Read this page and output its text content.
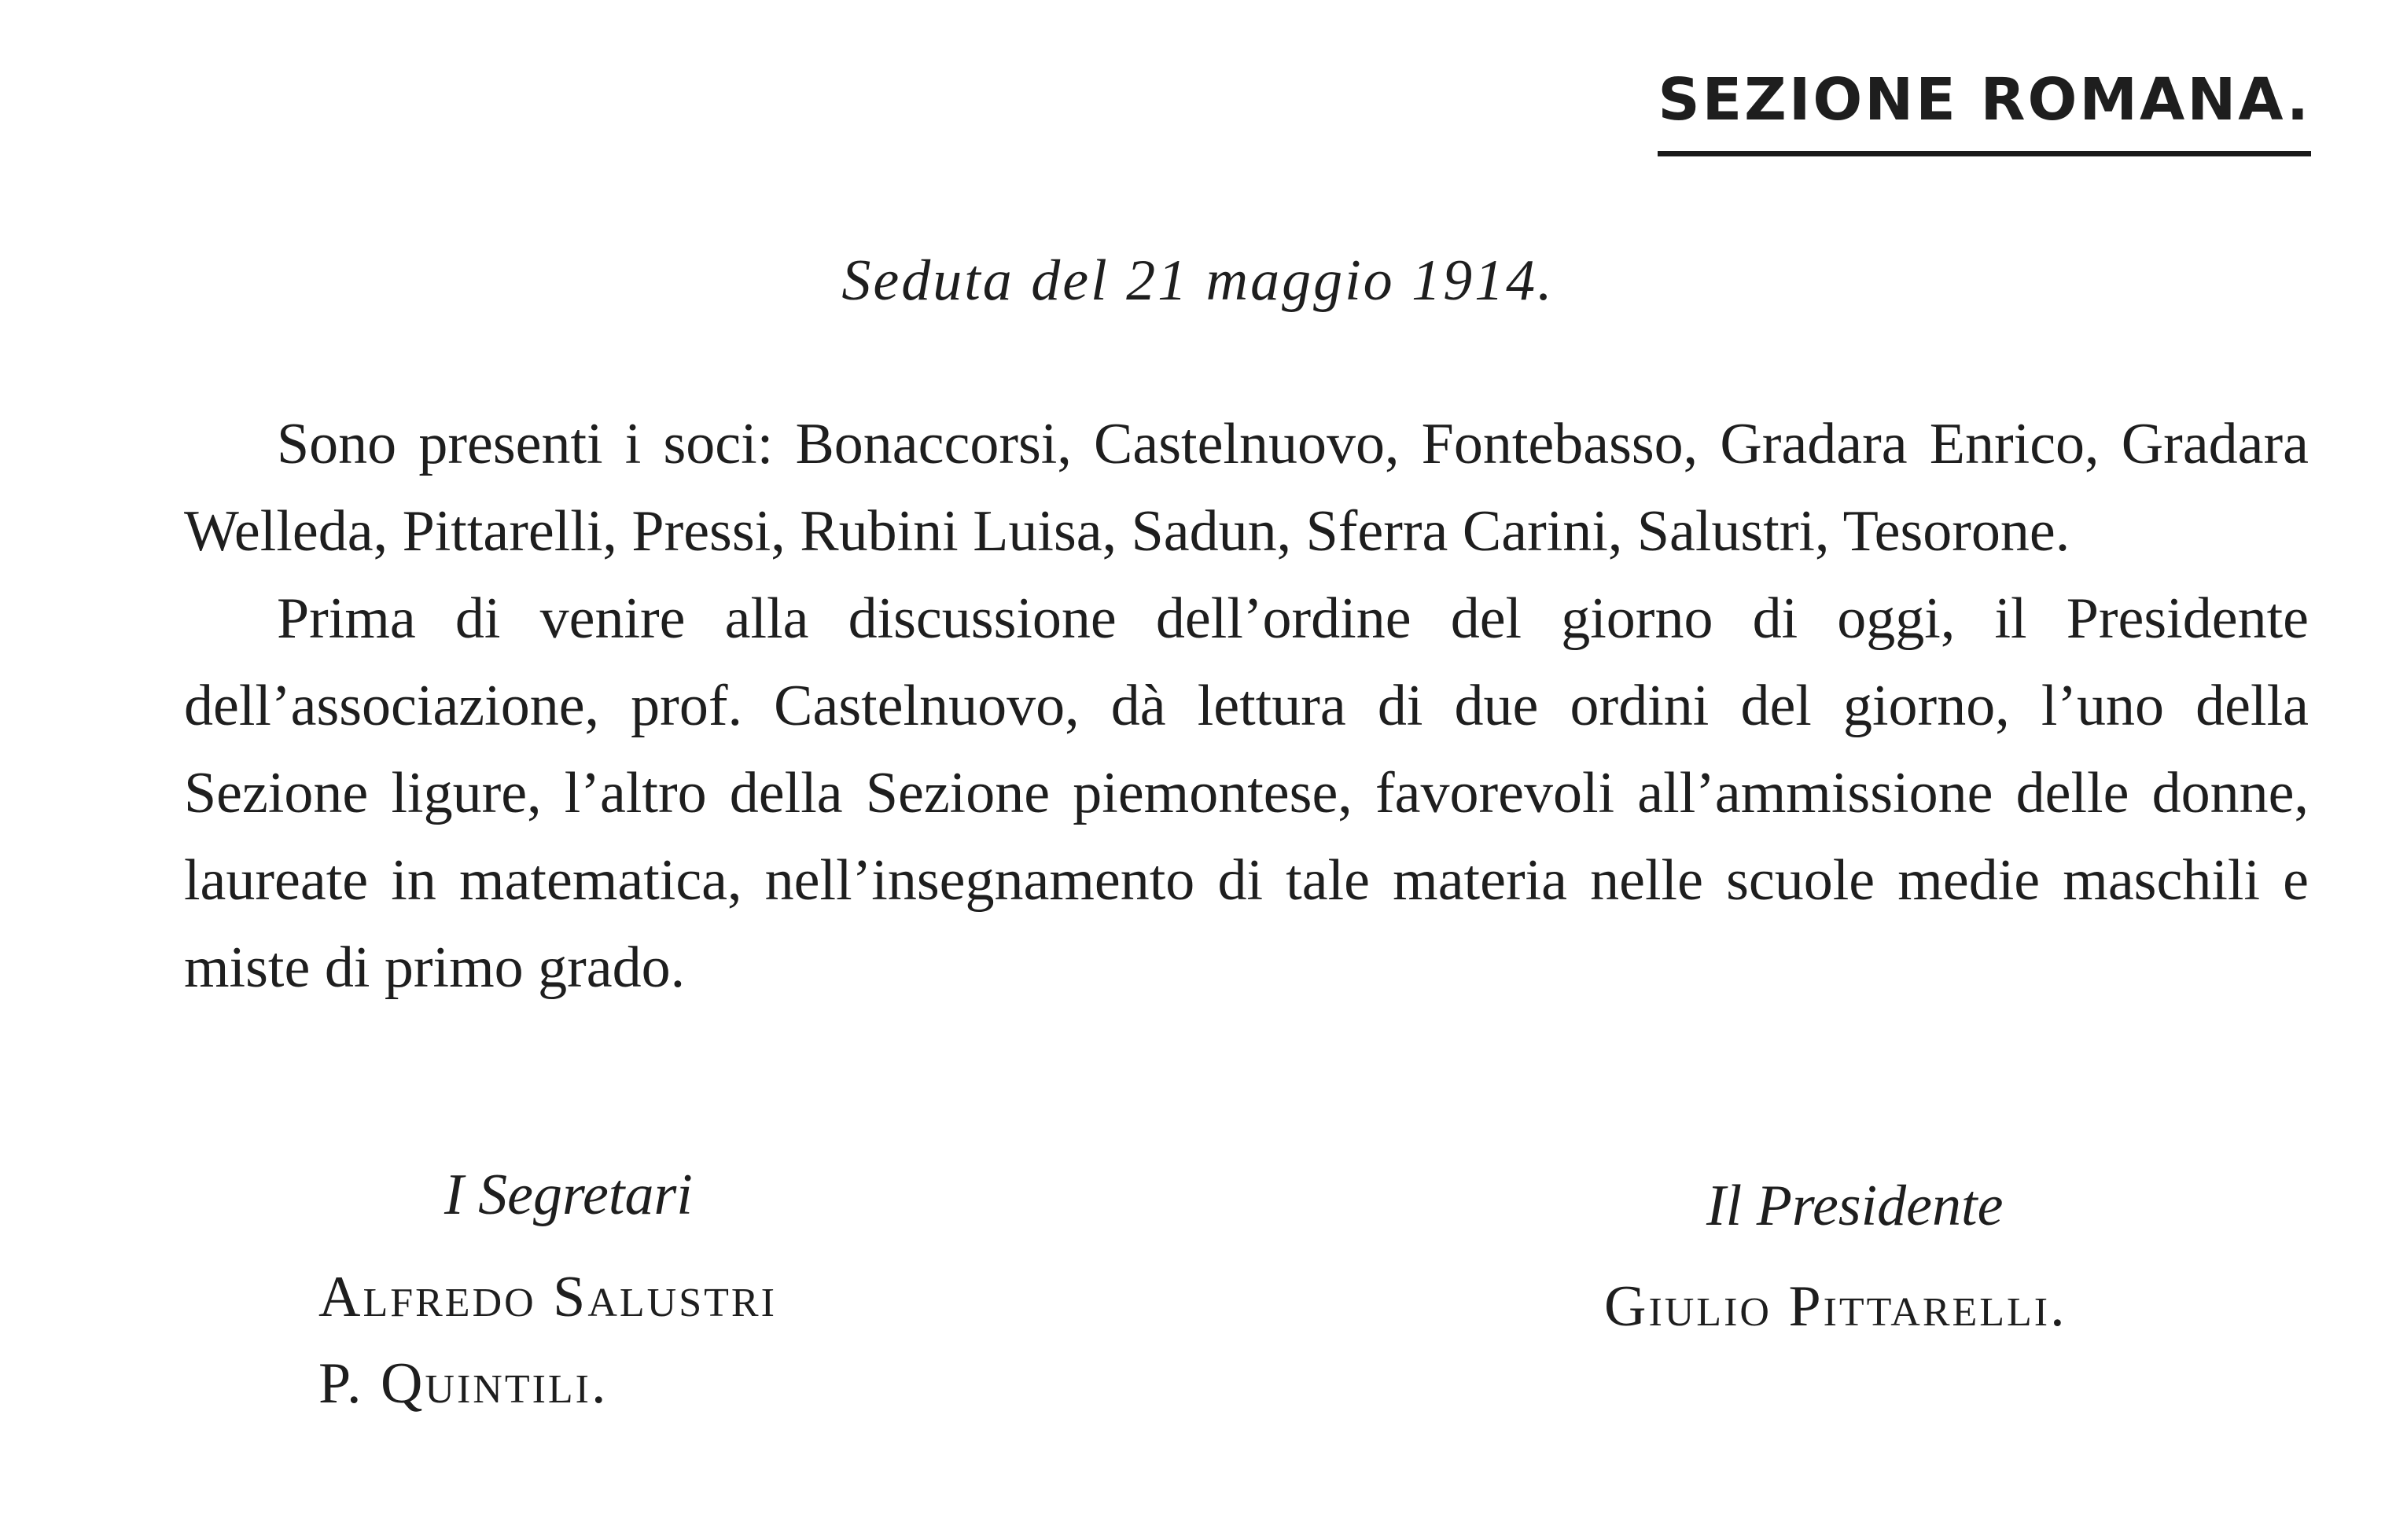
SEZIONE ROMANA.
Seduta del 21 maggio 1914.

Sono presenti i soci: Bonaccorsi, Castelnuovo, Fontebasso, Gradara Enrico, Gradara Welleda, Pittarelli, Pressi, Rubini Luisa, Sadun, Sferra Carini, Salustri, Tesorone.

Prima di venire alla discussione dell’ordine del giorno di oggi, il Presidente dell’associazione, prof. Castelnuovo, dà lettura di due ordini del giorno, l’uno della Sezione ligure, l’altro della Sezione piemontese, favorevoli all’ammissione delle donne, laureate in matematica, nell’insegnamento di tale materia nelle scuole medie maschili e miste di primo grado.

I Segretari
Alfredo Salustri
P. Quintili.
Il Presidente
Giulio Pittarelli.
